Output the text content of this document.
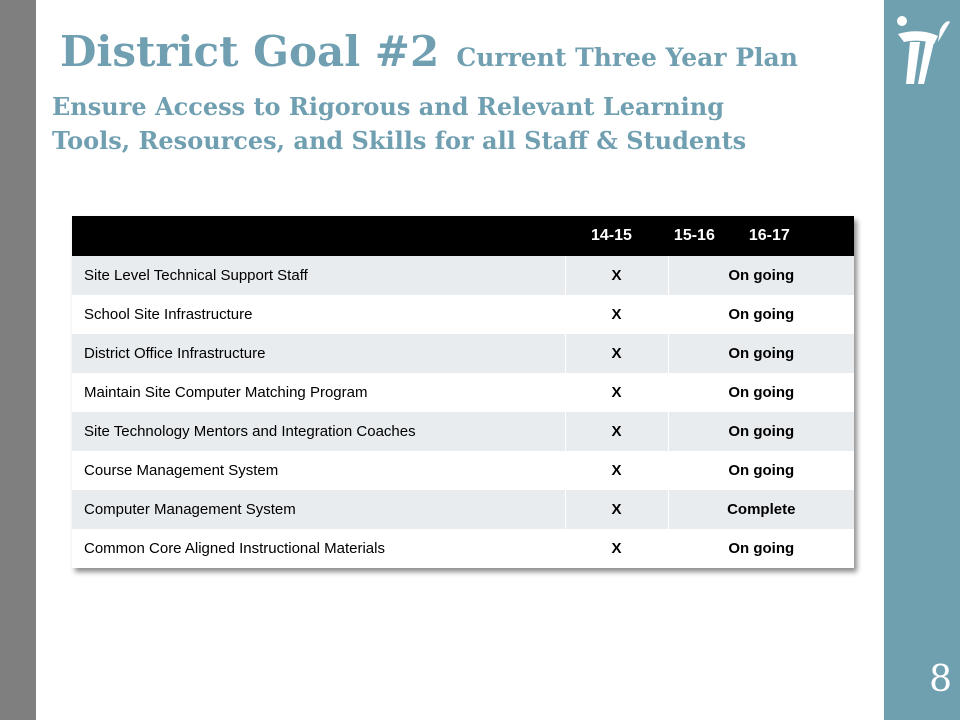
8
District Goal #2 Current Three Year Plan
Ensure Access to Rigorous and Relevant Learning
Tools, Resources, and Skills for all Staff & Students

	14-15 15-16 16-17	

Site Level Technical Support Staff	X	On going
School Site Infrastructure	X	On going
District Office Infrastructure	X	On going
Maintain Site Computer Matching Program	X	On going
Site Technology Mentors and Integration Coaches	X	On going
Course Management System	X	On going
Computer Management System	X	Complete
Common Core Aligned Instructional Materials	X	On going
